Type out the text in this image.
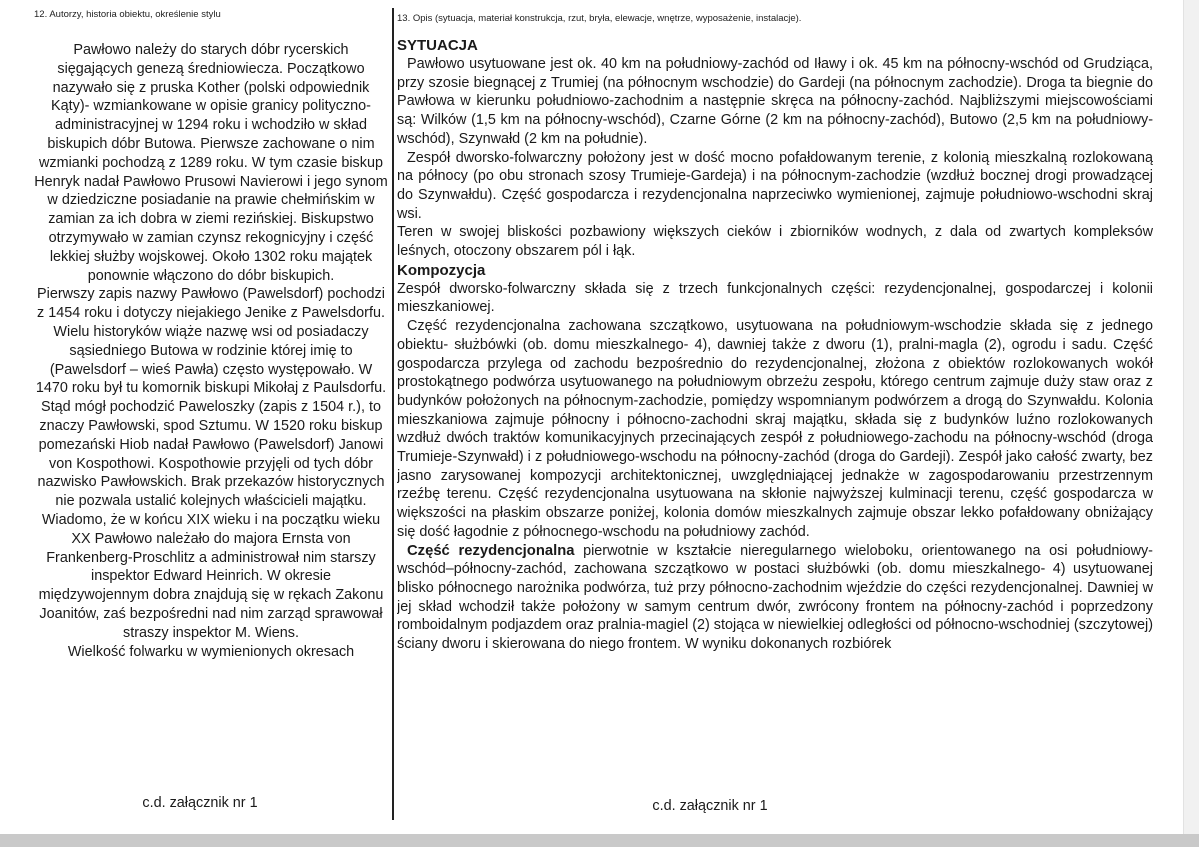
12. Autorzy, historia obiektu, określenie stylu

Pawłowo należy do starych dóbr rycerskich sięgających genezą średniowiecza. Początkowo nazywało się z pruska Kother (polski odpowiednik Kąty)- wzmiankowane w opisie granicy polityczno-administracyjnej w 1294 roku i wchodziło w skład biskupich dóbr Butowa. Pierwsze zachowane o nim wzmianki pochodzą z 1289 roku. W tym czasie biskup Henryk nadał Pawłowo Prusowi Navierowi i jego synom w dziedziczne posiadanie na prawie chełmińskim w zamian za ich dobra w ziemi rezińskiej. Biskupstwo otrzymywało w zamian czynsz rekognicyjny i część lekkiej służby wojskowej. Około 1302 roku majątek ponownie włączono do dóbr biskupich.

Pierwszy zapis nazwy Pawłowo (Pawelsdorf) pochodzi z 1454 roku i dotyczy niejakiego Jenike z Pawelsdorfu. Wielu historyków wiąże nazwę wsi od posiadaczy sąsiedniego Butowa w rodzinie której imię to (Pawelsdorf – wieś Pawła) często występowało. W 1470 roku był tu komornik biskupi Mikołaj z Paulsdorfu. Stąd mógł pochodzić Paweloszky (zapis z 1504 r.), to znaczy Pawłowski, spod Sztumu. W 1520 roku biskup pomezański Hiob nadał Pawłowo (Pawelsdorf) Janowi von Kospothowi. Kospothowie przyjęli od tych dóbr nazwisko Pawłowskich. Brak przekazów historycznych nie pozwala ustalić kolejnych właścicieli majątku. Wiadomo, że w końcu XIX wieku i na początku wieku XX Pawłowo należało do majora Ernsta von Frankenberg-Proschlitz a administrował nim starszy inspektor Edward Heinrich. W okresie międzywojennym dobra znajdują się w rękach Zakonu Joanitów, zaś bezpośredni nad nim zarząd sprawował straszy inspektor M. Wiens.

Wielkość folwarku w wymienionych okresach

c.d. załącznik nr 1
13. Opis (sytuacja, materiał konstrukcja, rzut, bryła, elewacje, wnętrze, wyposażenie, instalacje).
SYTUACJA

Pawłowo usytuowane jest ok. 40 km na południowy-zachód od Iławy i ok. 45 km na północny-wschód od Grudziąca, przy szosie biegnącej z Trumiej (na północnym wschodzie) do Gardeji (na północnym zachodzie). Droga ta biegnie do Pawłowa w kierunku południowo-zachodnim a następnie skręca na północny-zachód. Najbliższymi miejscowościami są: Wilków (1,5 km na północny-wschód), Czarne Górne (2 km na północny-zachód), Butowo (2,5 km na południowy-wschód), Szynwałd (2 km na południe).

Zespół dworsko-folwarczny położony jest w dość mocno pofałdowanym terenie, z kolonią mieszkalną rozlokowaną na północy (po obu stronach szosy Trumieje-Gardeja) i na północnym-zachodzie (wzdłuż bocznej drogi prowadzącej do Szynwałdu). Część gospodarcza i rezydencjonalna naprzeciwko wymienionej, zajmuje południowo-wschodni skraj wsi.

Teren w swojej bliskości pozbawiony większych cieków i zbiorników wodnych, z dala od zwartych kompleksów leśnych, otoczony obszarem pól i łąk.

Kompozycja

Zespół dworsko-folwarczny składa się z trzech funkcjonalnych części: rezydencjonalnej, gospodarczej i kolonii mieszkaniowej.

Część rezydencjonalna zachowana szczątkowo, usytuowana na południowym-wschodzie składa się z jednego obiektu- służbówki (ob. domu mieszkalnego- 4), dawniej także z dworu (1), pralni-magla (2), ogrodu i sadu. Część gospodarcza przylega od zachodu bezpośrednio do rezydencjonalnej, złożona z obiektów rozlokowanych wokół prostokątnego podwórza usytuowanego na południowym obrzeżu zespołu, którego centrum zajmuje duży staw oraz z budynków położonych na północnym-zachodzie, pomiędzy wspomnianym podwórzem a drogą do Szynwałdu. Kolonia mieszkaniowa zajmuje północny i północno-zachodni skraj majątku, składa się z budynków luźno rozlokowanych wzdłuż dwóch traktów komunikacyjnych przecinających zespół z południowego-zachodu na północny-wschód (droga Trumieje-Szynwałd) i z południowego-wschodu na północny-zachód (droga do Gardeji). Zespół jako całość zwarty, bez jasno zarysowanej kompozycji architektonicznej, uwzględniającej jednakże w zagospodarowaniu przestrzennym rzeźbę terenu. Część rezydencjonalna usytuowana na skłonie najwyższej kulminacji terenu, część gospodarcza w większości na płaskim obszarze poniżej, kolonia domów mieszkalnych zajmuje obszar lekko pofałdowany obniżający się dość łagodnie z północnego-wschodu na południowy zachód.

Część rezydencjonalna pierwotnie w kształcie nieregularnego wieloboku, orientowanego na osi południowy-wschód–północny-zachód, zachowana szczątkowo w postaci służbówki (ob. domu mieszkalnego- 4) usytuowanej blisko północnego narożnika podwórza, tuż przy północno-zachodnim wjeździe do części rezydencjonalnej. Dawniej w jej skład wchodził także położony w samym centrum dwór, zwrócony frontem na północny-zachód i poprzedzony romboidalnym podjazdem oraz pralnia-magiel (2) stojąca w niewielkiej odległości od północno-wschodniej (szczytowej) ściany dworu i skierowana do niego frontem. W wyniku dokonanych rozbiórek

c.d. załącznik nr 1
